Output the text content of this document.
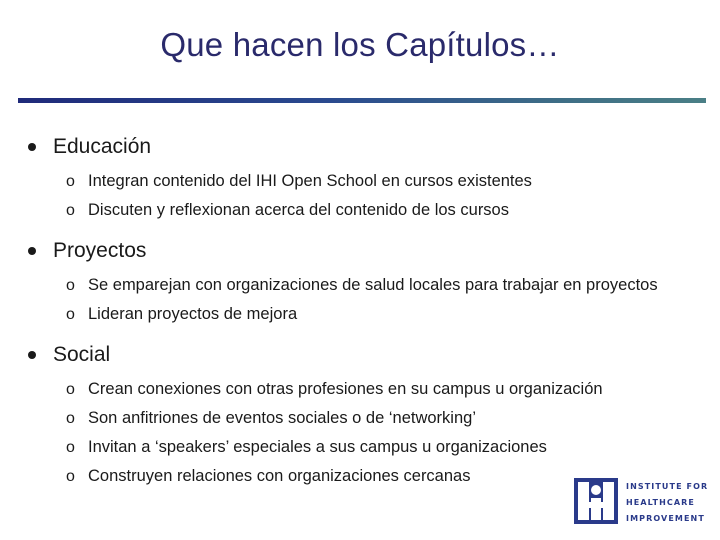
Que hacen los Capítulos…
Educación
o Integran contenido del IHI Open School en cursos existentes
o Discuten y reflexionan acerca del contenido de los cursos
Proyectos
o Se emparejan con organizaciones de salud locales para trabajar en proyectos
o Lideran proyectos de mejora
Social
o Crean conexiones con otras profesiones en su campus u organización
o Son anfitriones de eventos sociales o de ‘networking’
o Invitan a ‘speakers’ especiales a sus campus u organizaciones
o Construyen relaciones con organizaciones cercanas
INSTITUTE FOR
HEALTHCARE
IMPROVEMENT
